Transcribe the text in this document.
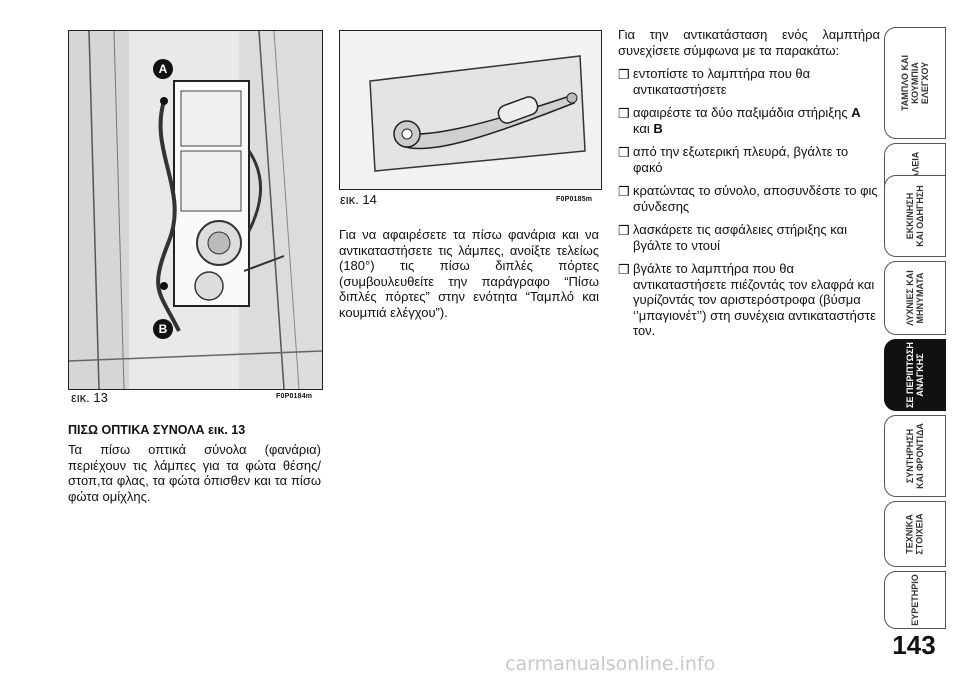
A
B
εικ. 13	F0P0184m
εικ. 14	F0P0185m
ΠΙΣΩ ΟΠΤΙΚΑ ΣΥΝΟΛΑ εικ. 13
Τα πίσω οπτικά σύνολα (φανάρια) περιέχουν τις λάμπες για τα φώτα θέσης/στοπ,τα φλας, τα φώτα όπισθεν και τα πίσω φώτα ομίχλης.
Για να αφαιρέσετε τα πίσω φανάρια και να αντικαταστήσετε τις λάμπες, ανοίξτε τελείως (180°) τις πίσω διπλές πόρτες (συμβουλευθείτε την παράγραφο “Πίσω διπλές πόρτες” στην ενότητα “Ταμπλό και κουμπιά ελέγχου”).
Για την αντικατάσταση ενός λαμπτήρα συνεχίσετε σύμφωνα με τα παρακάτω:
❒ εντοπίστε το λαμπτήρα που θα αντικαταστήσετε
❒ αφαιρέστε τα δύο παξιμάδια στήριξης A και B
❒ από την εξωτερική πλευρά, βγάλτε το φακό
❒ κρατώντας το σύνολο, αποσυνδέστε το φις σύνδεσης
❒ λασκάρετε τις ασφάλειες στήριξης και βγάλτε το ντουί
❒ βγάλτε το λαμπτήρα που θα αντικαταστήσετε πιέζοντάς τον ελαφρά και γυρίζοντάς τον αριστερόστροφα (βύσμα ‘’μπαγιονέτ’’) στη συνέχεια αντικαταστήστε τον.
ΤΑΜΠΛΟ ΚΑΙ
ΚΟΥΜΠΙΑ
ΕΛΕΓΧΟΥ
ΕΚΚΙΝΗΣΗ
ΚΑΙ ΟΔΗΓΗΣΗ
ΛΥΧΝΙΕΣ ΚΑΙ
ΜΗΝΥΜΑΤΑ
ΣΕ ΠΕΡΙΠΤΩΣΗ
ΑΝΑΓΚΗΣ
ΣΥΝΤΗΡΗΣΗ
ΚΑΙ ΦΡΟΝΤΙΔΑ
ΤΕΧΝΙΚΑ
ΣΤΟΙΧΕΙΑ
ΕΥΡΕΤΗΡΙΟ
143
carmanualsonline.info
